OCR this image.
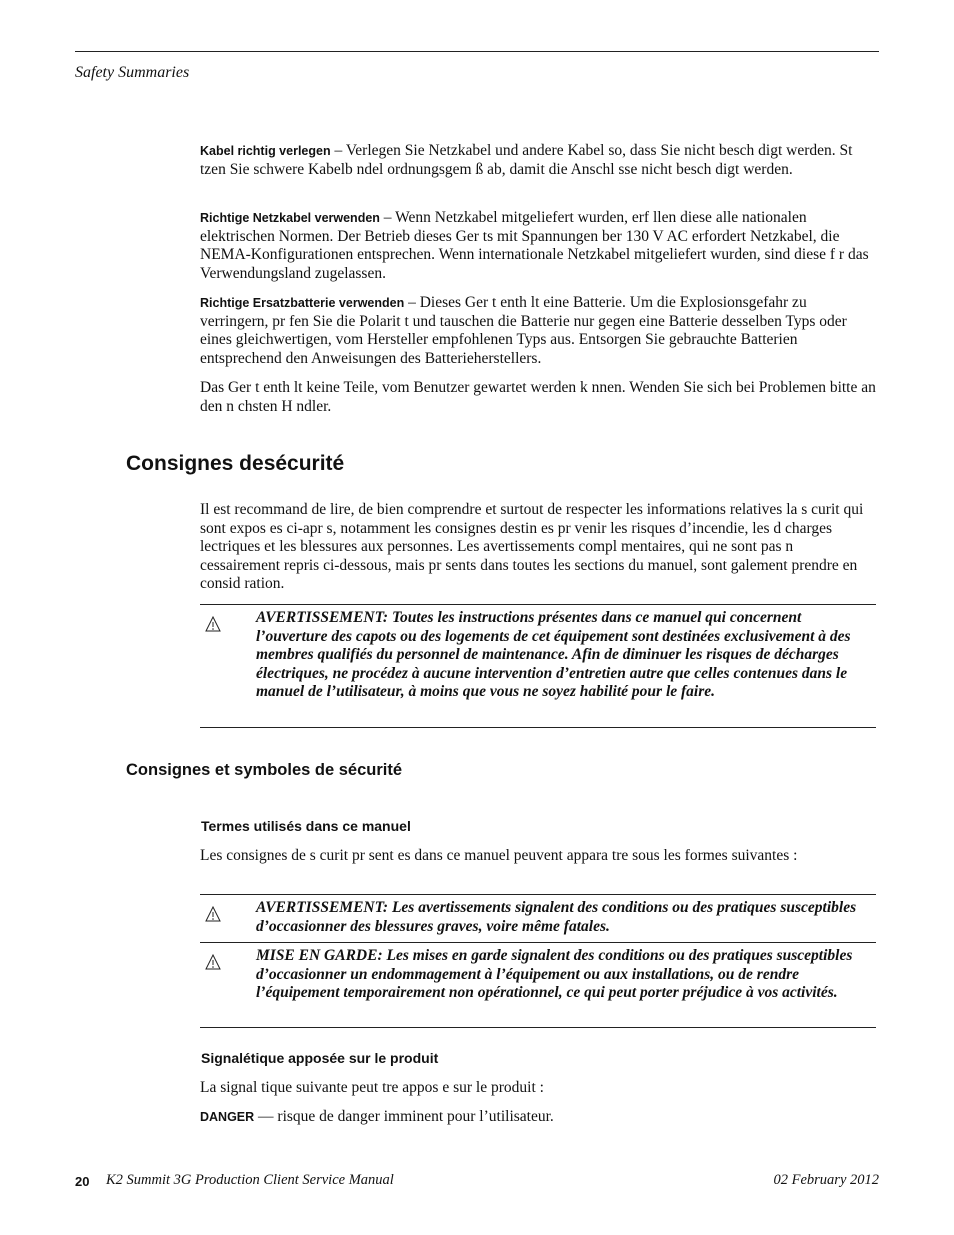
Safety Summaries

Kabel richtig verlegen – Verlegen Sie Netzkabel und andere Kabel so, dass Sie nicht besch digt werden. St tzen Sie schwere Kabelb ndel ordnungsgem ß ab, damit die Anschl sse nicht besch digt werden.

Richtige Netzkabel verwenden – Wenn Netzkabel mitgeliefert wurden, erf llen diese alle nationalen elektrischen Normen. Der Betrieb dieses Ger ts mit Spannungen ber 130 V AC erfordert Netzkabel, die NEMA-Konfigurationen entsprechen. Wenn internationale Netzkabel mitgeliefert wurden, sind diese f r das Verwendungsland zugelassen.

Richtige Ersatzbatterie verwenden – Dieses Ger t enth lt eine Batterie. Um die Explosionsgefahr zu verringern, pr fen Sie die Polarit t und tauschen die Batterie nur gegen eine Batterie desselben Typs oder eines gleichwertigen, vom Hersteller empfohlenen Typs aus. Entsorgen Sie gebrauchte Batterien entsprechend den Anweisungen des Batterieherstellers.

Das Ger t enth lt keine Teile, vom Benutzer gewartet werden k nnen. Wenden Sie sich bei Problemen bitte an den n chsten H ndler.

Consignes desécurité

Il est recommand de lire, de bien comprendre et surtout de respecter les informations relatives la s curit qui sont expos es ci-apr s, notamment les consignes destin es pr venir les risques d’incendie, les d charges lectriques et les blessures aux personnes. Les avertissements compl mentaires, qui ne sont pas n cessairement repris ci-dessous, mais pr sents dans toutes les sections du manuel, sont galement prendre en consid ration.

AVERTISSEMENT: Toutes les instructions présentes dans ce manuel qui concernent l’ouverture des capots ou des logements de cet équipement sont destinées exclusivement à des membres qualifiés du personnel de maintenance. Afin de diminuer les risques de décharges électriques, ne procédez à aucune intervention d’entretien autre que celles contenues dans le manuel de l’utilisateur, à moins que vous ne soyez habilité pour le faire.
Consignes et symboles de sécurité
Termes utilisés dans ce manuel

Les consignes de s curit pr sent es dans ce manuel peuvent appara tre sous les formes suivantes :

AVERTISSEMENT: Les avertissements signalent des conditions ou des pratiques susceptibles d’occasionner des blessures graves, voire même fatales.
MISE EN GARDE: Les mises en garde signalent des conditions ou des pratiques susceptibles d’occasionner un endommagement à l’équipement ou aux installations, ou de rendre l’équipement temporairement non opérationnel, ce qui peut porter préjudice à vos activités.
Signalétique apposée sur le produit

La signal tique suivante peut tre appos e sur le produit :

DANGER — risque de danger imminent pour l’utilisateur.

20 K2 Summit 3G Production Client Service Manual	02 February 2012
